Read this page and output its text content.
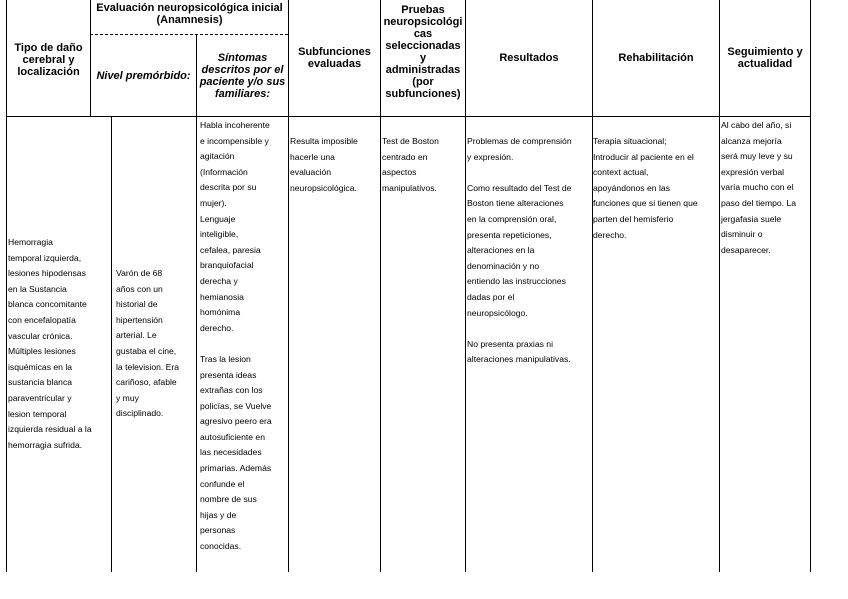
Tipo de daño
cerebral y
localización
Evaluación neuropsicológica inicial
(Anamnesis)
Nivel premórbido:
Síntomas
descritos por el
paciente y/o sus
familiares:
Subfunciones
evaluadas
Pruebas
neuropsicológi
cas
seleccionadas
y
administradas
(por
subfunciones)
Resultados	Rehabilitación	Seguimiento y
actualidad
Hemorragia
temporal izquierda,
lesiones hipodensas
en la Sustancia
blanca concomitante
con encefalopatía
vascular crónica.
Múltiples lesiones
isquémicas en la
sustancia blanca
paraventricular y
lesion temporal
izquierda residual a la
hemorragia sufrida.
Varón de 68
años con un
historial de
hipertensión
arterial. Le
gustaba el cine,
la television. Era
cariñoso, afable
y muy
disciplinado.
Habla incoherente
e incompensible y
agitación
(Información
descrita por su
mujer).
Lenguaje
inteligible,
cefalea, paresia
branquiofacial
derecha y
hemianosia
homónima
derecho.

Tras la lesion
presenta ideas
extrañas con los
policías, se Vuelve
agresivo peero era
autosuficiente en
las necesidades
primarias. Además
confunde el
nombre de sus
hijas y de
personas
conocidas.
Resulta imposible
hacerle una
evaluación
neuropsicológica.
Test de Boston
centrado en
aspectos
manipulativos.
Problemas de comprensión
y expresión.

Como resultado del Test de
Boston tiene alteraciones
en la comprensión oral,
presenta repeticiones,
alteraciones en la
denominación y no
entiendo las instrucciones
dadas por el
neuropsicólogo.

No presenta praxias ni
alteraciones manipulativas.
Terapia situacional;
Introducir al paciente en el
context actual,
apoyándonos en las
funciones que si tienen que
parten del hemisferio
derecho.
Al cabo del año, si
alcanza mejoría
será muy leve y su
expresión verbal
varía mucho con el
paso del tiempo. La
jergafasia suele
disminuir o
desaparecer.
